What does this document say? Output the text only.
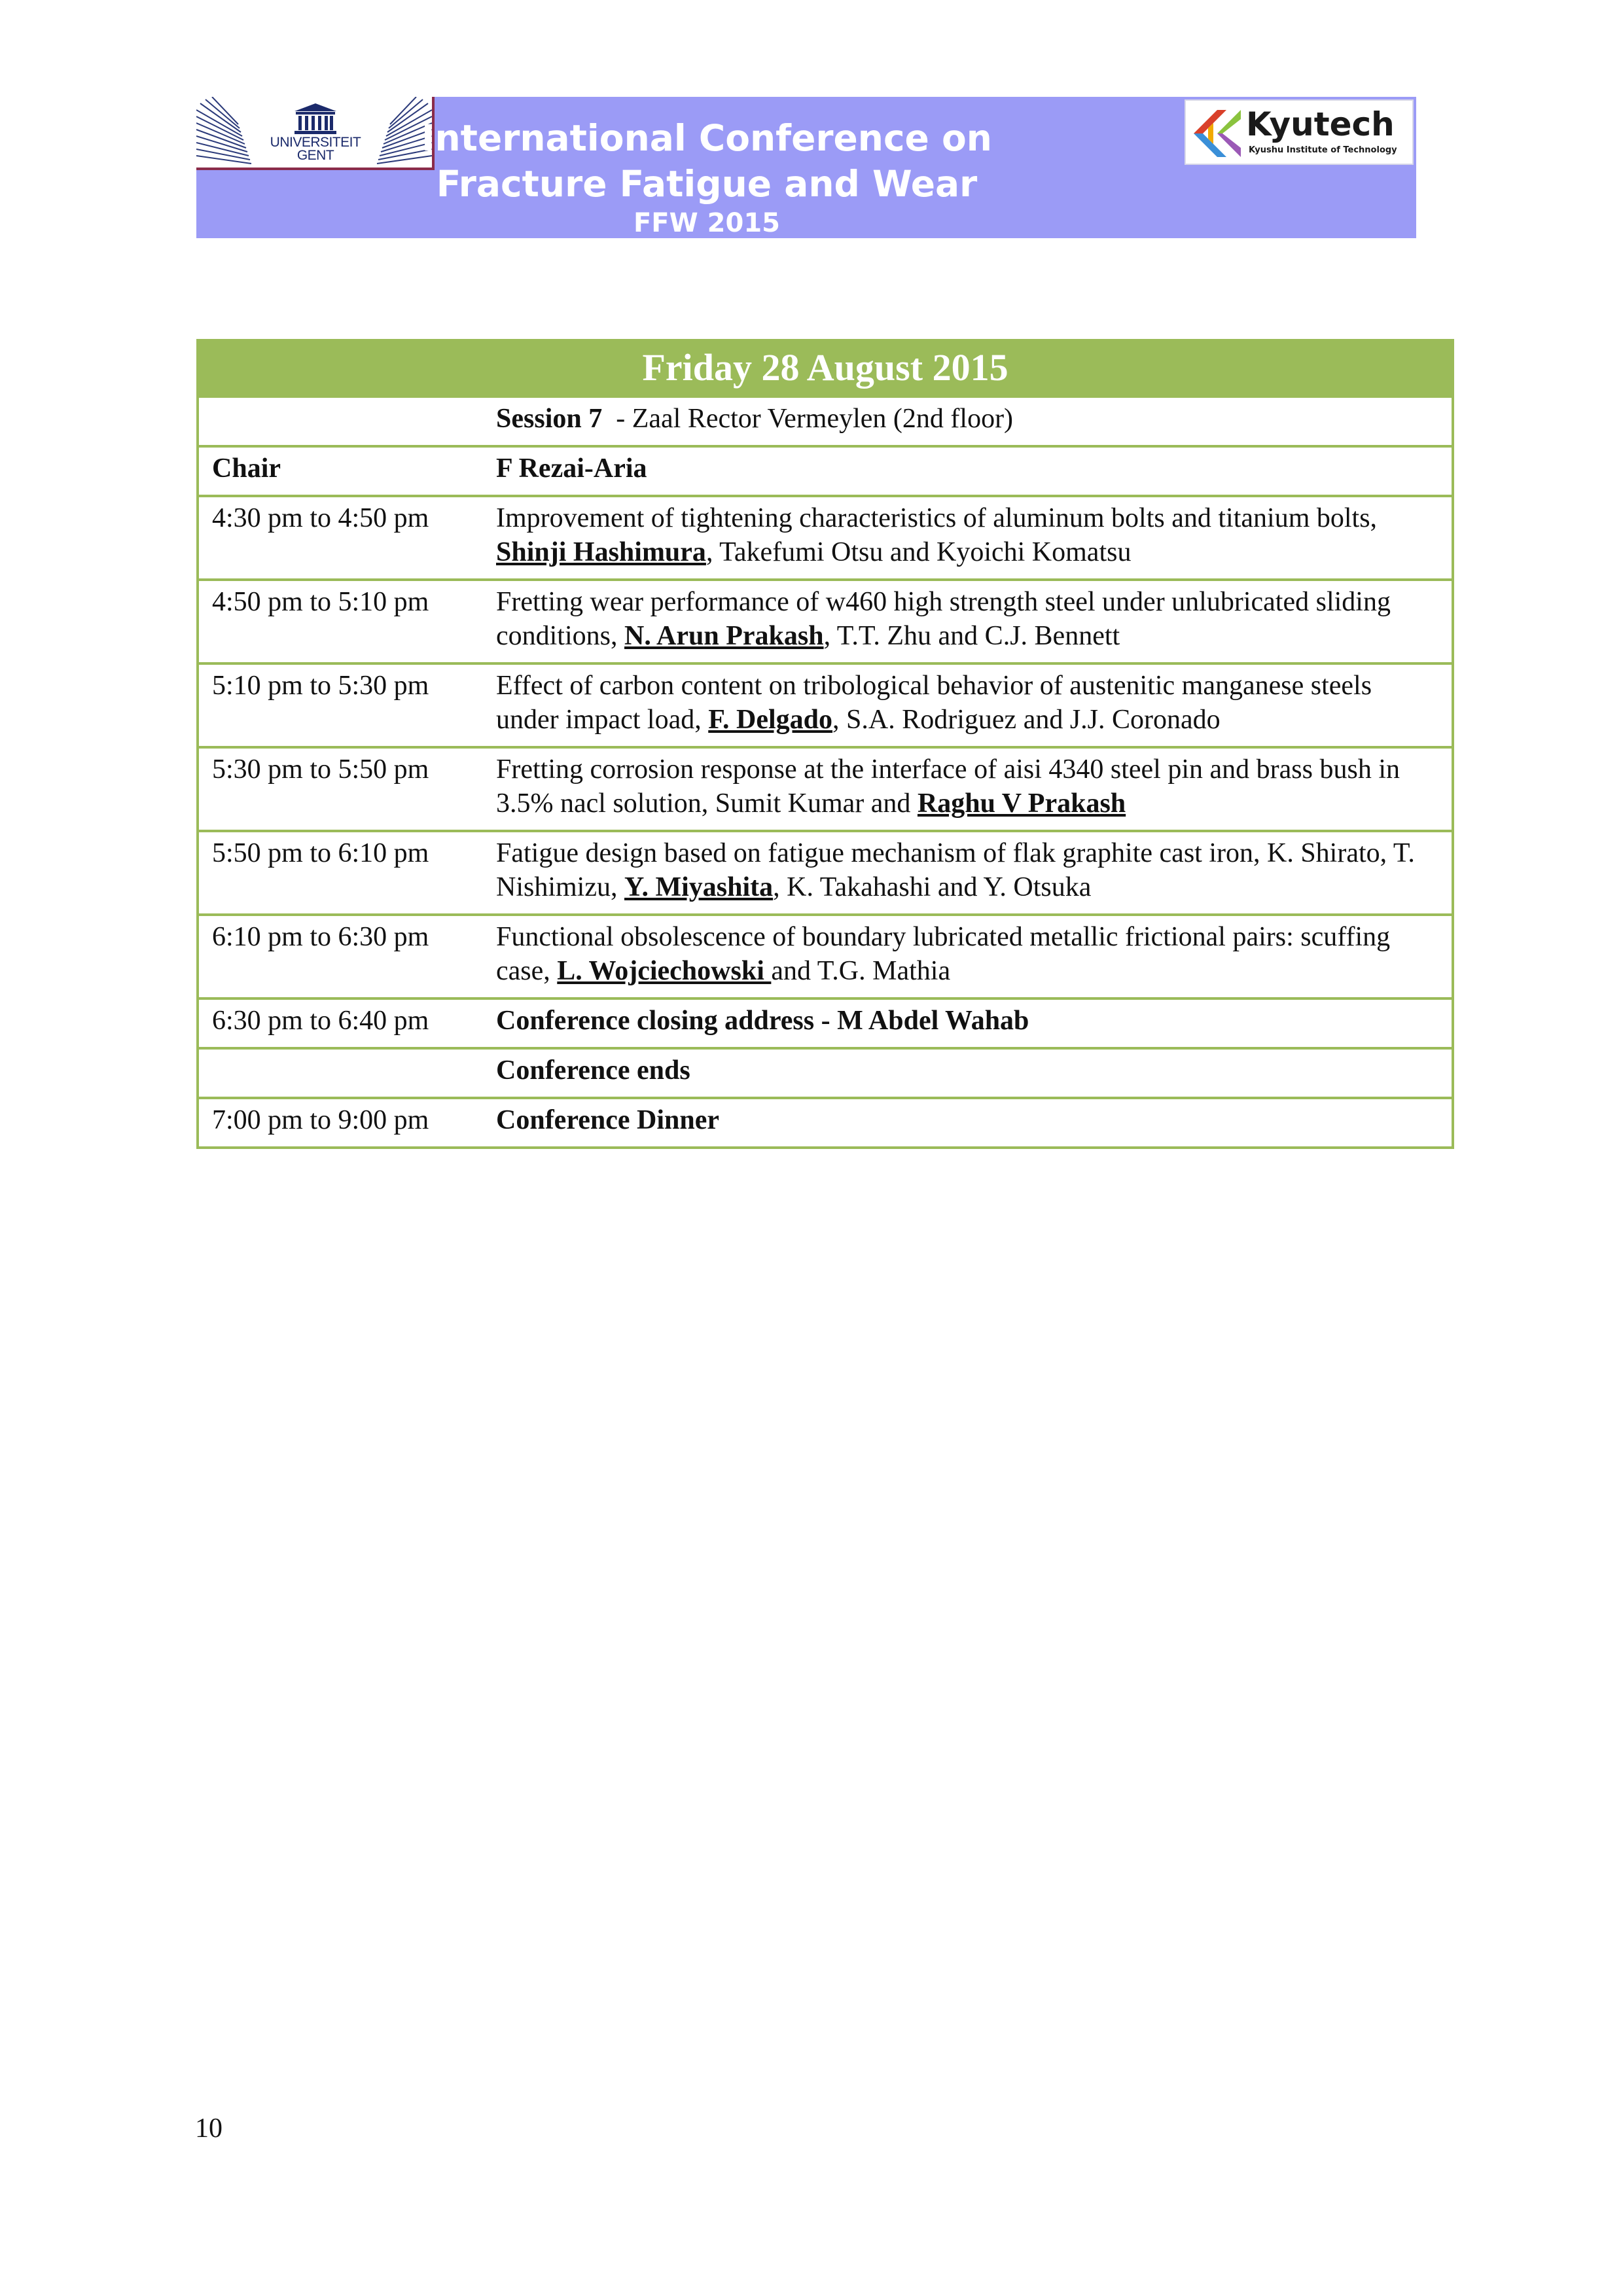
UNIVERSITEIT GENT	International Conference on
Fracture Fatigue and Wear
FFW 2015
Kyutech
Kyushu Institute of Technology
Friday 28 August 2015	
	Session 7  - Zaal Rector Vermeylen (2nd floor)
Chair	F Rezai-Aria
4:30 pm to 4:50 pm	Improvement of tightening characteristics of aluminum bolts and titanium bolts, Shinji Hashimura, Takefumi Otsu and Kyoichi Komatsu
4:50 pm to 5:10 pm	Fretting wear performance of w460 high strength steel under unlubricated sliding conditions, N. Arun Prakash, T.T. Zhu and C.J. Bennett
5:10 pm to 5:30 pm	Effect of carbon content on tribological behavior of austenitic manganese steels under impact load, F. Delgado, S.A. Rodriguez and J.J. Coronado
5:30 pm to 5:50 pm	Fretting corrosion response at the interface of aisi 4340 steel pin and brass bush in 3.5% nacl solution, Sumit Kumar and Raghu V Prakash
5:50 pm to 6:10 pm	Fatigue design based on fatigue mechanism of flak graphite cast iron, K. Shirato, T. Nishimizu, Y. Miyashita, K. Takahashi and Y. Otsuka
6:10 pm to 6:30 pm	Functional obsolescence of boundary lubricated metallic frictional pairs: scuffing case, L. Wojciechowski and T.G. Mathia
6:30 pm to 6:40 pm	Conference closing address - M Abdel Wahab
	Conference ends
7:00 pm to 9:00 pm	Conference Dinner
10
